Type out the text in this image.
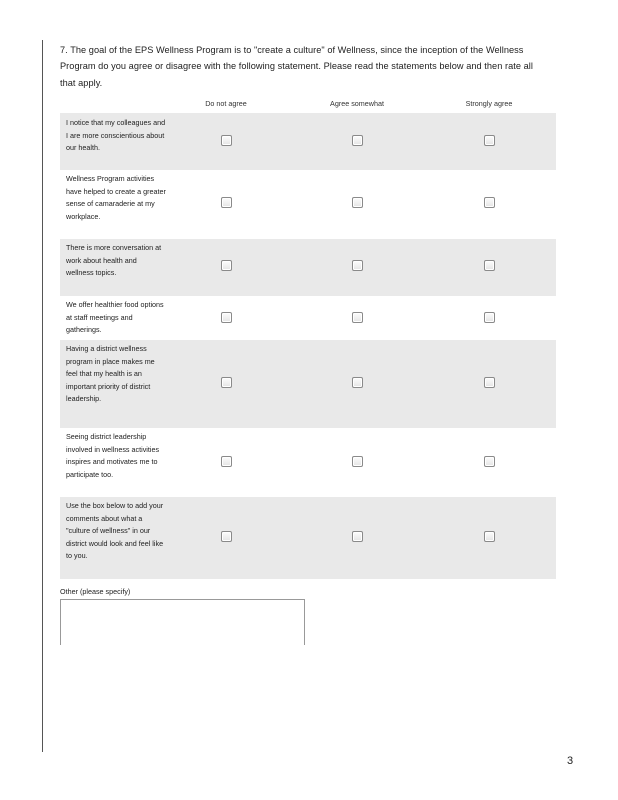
7. The goal of the EPS Wellness Program is to "create a culture" of Wellness, since the inception of the Wellness Program do you agree or disagree with the following statement. Please read the statements below and then rate all that apply.
Do not agree	Agree somewhat	Strongly agree
I notice that my colleagues and I are more conscientious about our health.
Wellness Program activities have helped to create a greater sense of camaraderie at my workplace.
There is more conversation at work about health and wellness topics.
We offer healthier food options at staff meetings and gatherings.
Having a district wellness program in place makes me feel that my health is an important priority of district leadership.
Seeing district leadership involved in wellness activities inspires and motivates me to participate too.
Use the box below to add your comments about what a "culture of wellness" in our district would look and feel like to you.
Other (please specify)
3
